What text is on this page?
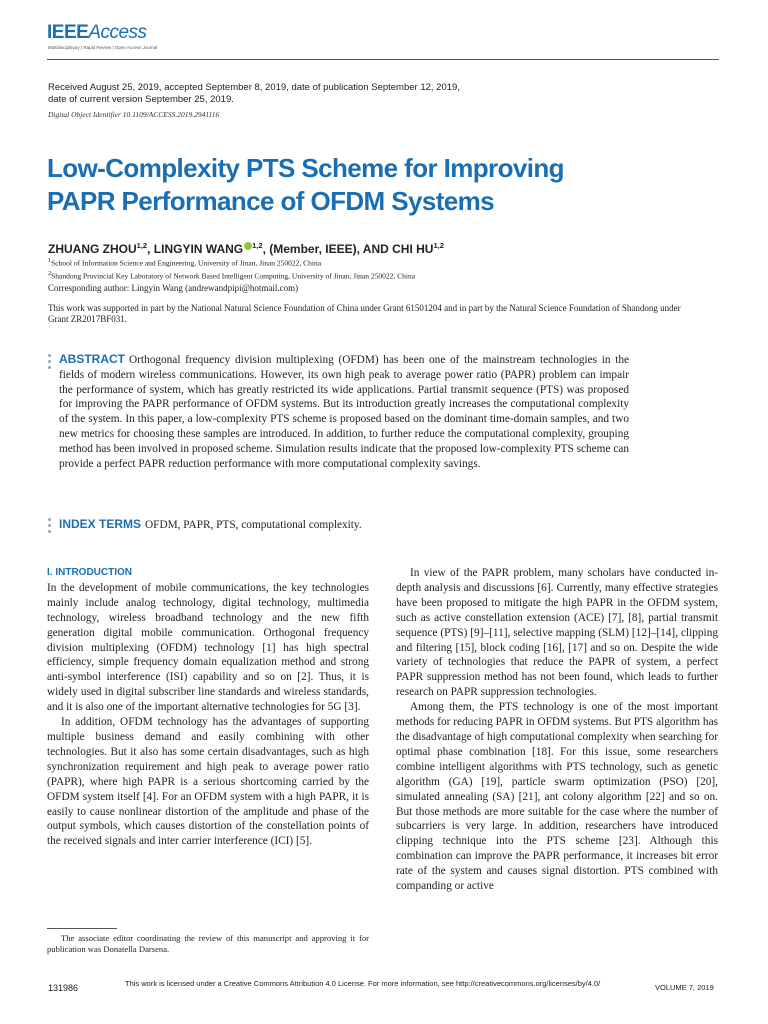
IEEEAccess
Multidisciplinary | Rapid Review | Open Access Journal
Received August 25, 2019, accepted September 8, 2019, date of publication September 12, 2019,
date of current version September 25, 2019.
Digital Object Identifier 10.1109/ACCESS.2019.2941116
Low-Complexity PTS Scheme for Improving
PAPR Performance of OFDM Systems
ZHUANG ZHOU$^{1,2}$, LINGYIN WANG $^{1,2}$, (Member, IEEE), AND CHI HU$^{1,2}$
$^1$School of Information Science and Engineering, University of Jinan, Jinan 250022, China
$^2$Shandong Provincial Key Laboratory of Network Based Intelligent Computing, University of Jinan, Jinan 250022, China
Corresponding author: Lingyin Wang (andrewandpipi@hotmail.com)
This work was supported in part by the National Natural Science Foundation of China under Grant 61501204 and in part by the Natural Science Foundation of Shandong under Grant ZR2017BF031.
ABSTRACT Orthogonal frequency division multiplexing (OFDM) has been one of the mainstream technologies in the fields of modern wireless communications. However, its own high peak to average power ratio (PAPR) problem can impair the performance of system, which has greatly restricted its wide applications. Partial transmit sequence (PTS) was proposed for improving the PAPR performance of OFDM systems. But its introduction greatly increases the computational complexity of the system. In this paper, a low-complexity PTS scheme is proposed based on the dominant time-domain samples, and two new metrics for choosing these samples are introduced. In addition, to further reduce the computational complexity, grouping method has been involved in proposed scheme. Simulation results indicate that the proposed low-complexity PTS scheme can provide a perfect PAPR reduction performance with more computational complexity savings.
INDEX TERMS OFDM, PAPR, PTS, computational complexity.
I. INTRODUCTION

In the development of mobile communications, the key technologies mainly include analog technology, digital technology, multimedia technology, wireless broadband technology and the new fifth generation digital mobile communication. Orthogonal frequency division multiplexing (OFDM) technology [1] has high spectral efficiency, simple frequency domain equalization method and strong anti-symbol interference (ISI) capability and so on [2]. Thus, it is widely used in digital subscriber line standards and wireless standards, and it is also one of the important alternative technologies for 5G [3].

In addition, OFDM technology has the advantages of supporting multiple business demand and easily combining with other technologies. But it also has some certain disadvantages, such as high synchronization requirement and high peak to average power ratio (PAPR), where high PAPR is a serious shortcoming carried by the OFDM system itself [4]. For an OFDM system with a high PAPR, it is easily to cause nonlinear distortion of the amplitude and phase of the output symbols, which causes distortion of the constellation points of the received signals and inter carrier interference (ICI) [5].

In view of the PAPR problem, many scholars have conducted in-depth analysis and discussions [6]. Currently, many effective strategies have been proposed to mitigate the high PAPR in the OFDM system, such as active constellation extension (ACE) [7], [8], partial transmit sequence (PTS) [9]–[11], selective mapping (SLM) [12]–[14], clipping and filtering [15], block coding [16], [17] and so on. Despite the wide variety of technologies that reduce the PAPR of system, a perfect PAPR suppression method has not been found, which leads to further research on PAPR suppression technologies.

Among them, the PTS technology is one of the most important methods for reducing PAPR in OFDM systems. But PTS algorithm has the disadvantage of high computational complexity when searching for optimal phase combination [18]. For this issue, some researchers combine intelligent algorithms with PTS technology, such as genetic algorithm (GA) [19], particle swarm optimization (PSO) [20], simulated annealing (SA) [21], ant colony algorithm [22] and so on. But those methods are more suitable for the case where the number of subcarriers is very large. In addition, researchers have introduced clipping technique into the PTS scheme [23]. Although this combination can improve the PAPR performance, it increases bit error rate of the system and causes signal distortion. PTS combined with companding or active

The associate editor coordinating the review of this manuscript and approving it for publication was Donatella Darsena.
131986	This work is licensed under a Creative Commons Attribution 4.0 License. For more information, see http://creativecommons.org/licenses/by/4.0/	VOLUME 7, 2019
